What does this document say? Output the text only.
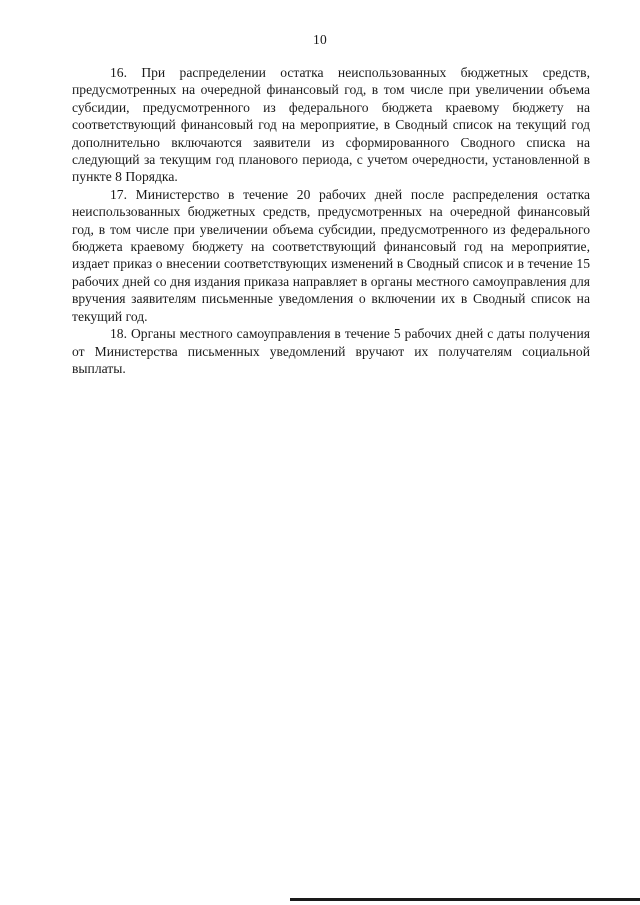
10

16. При распределении остатка неиспользованных бюджетных средств, предусмотренных на очередной финансовый год, в том числе при увеличении объема субсидии, предусмотренного из федерального бюджета краевому бюджету на соответствующий финансовый год на мероприятие, в Сводный список на текущий год дополнительно включаются заявители из сформированного Сводного списка на следующий за текущим год планового периода, с учетом очередности, установленной в пункте 8 Порядка.

17. Министерство в течение 20 рабочих дней после распределения остатка неиспользованных бюджетных средств, предусмотренных на очередной финансовый год, в том числе при увеличении объема субсидии, предусмотренного из федерального бюджета краевому бюджету на соответствующий финансовый год на мероприятие, издает приказ о внесении соответствующих изменений в Сводный список и в течение 15 рабочих дней со дня издания приказа направляет в органы местного самоуправления для вручения заявителям письменные уведомления о включении их в Сводный список на текущий год.

18. Органы местного самоуправления в течение 5 рабочих дней с даты получения от Министерства письменных уведомлений вручают их получателям социальной выплаты.
